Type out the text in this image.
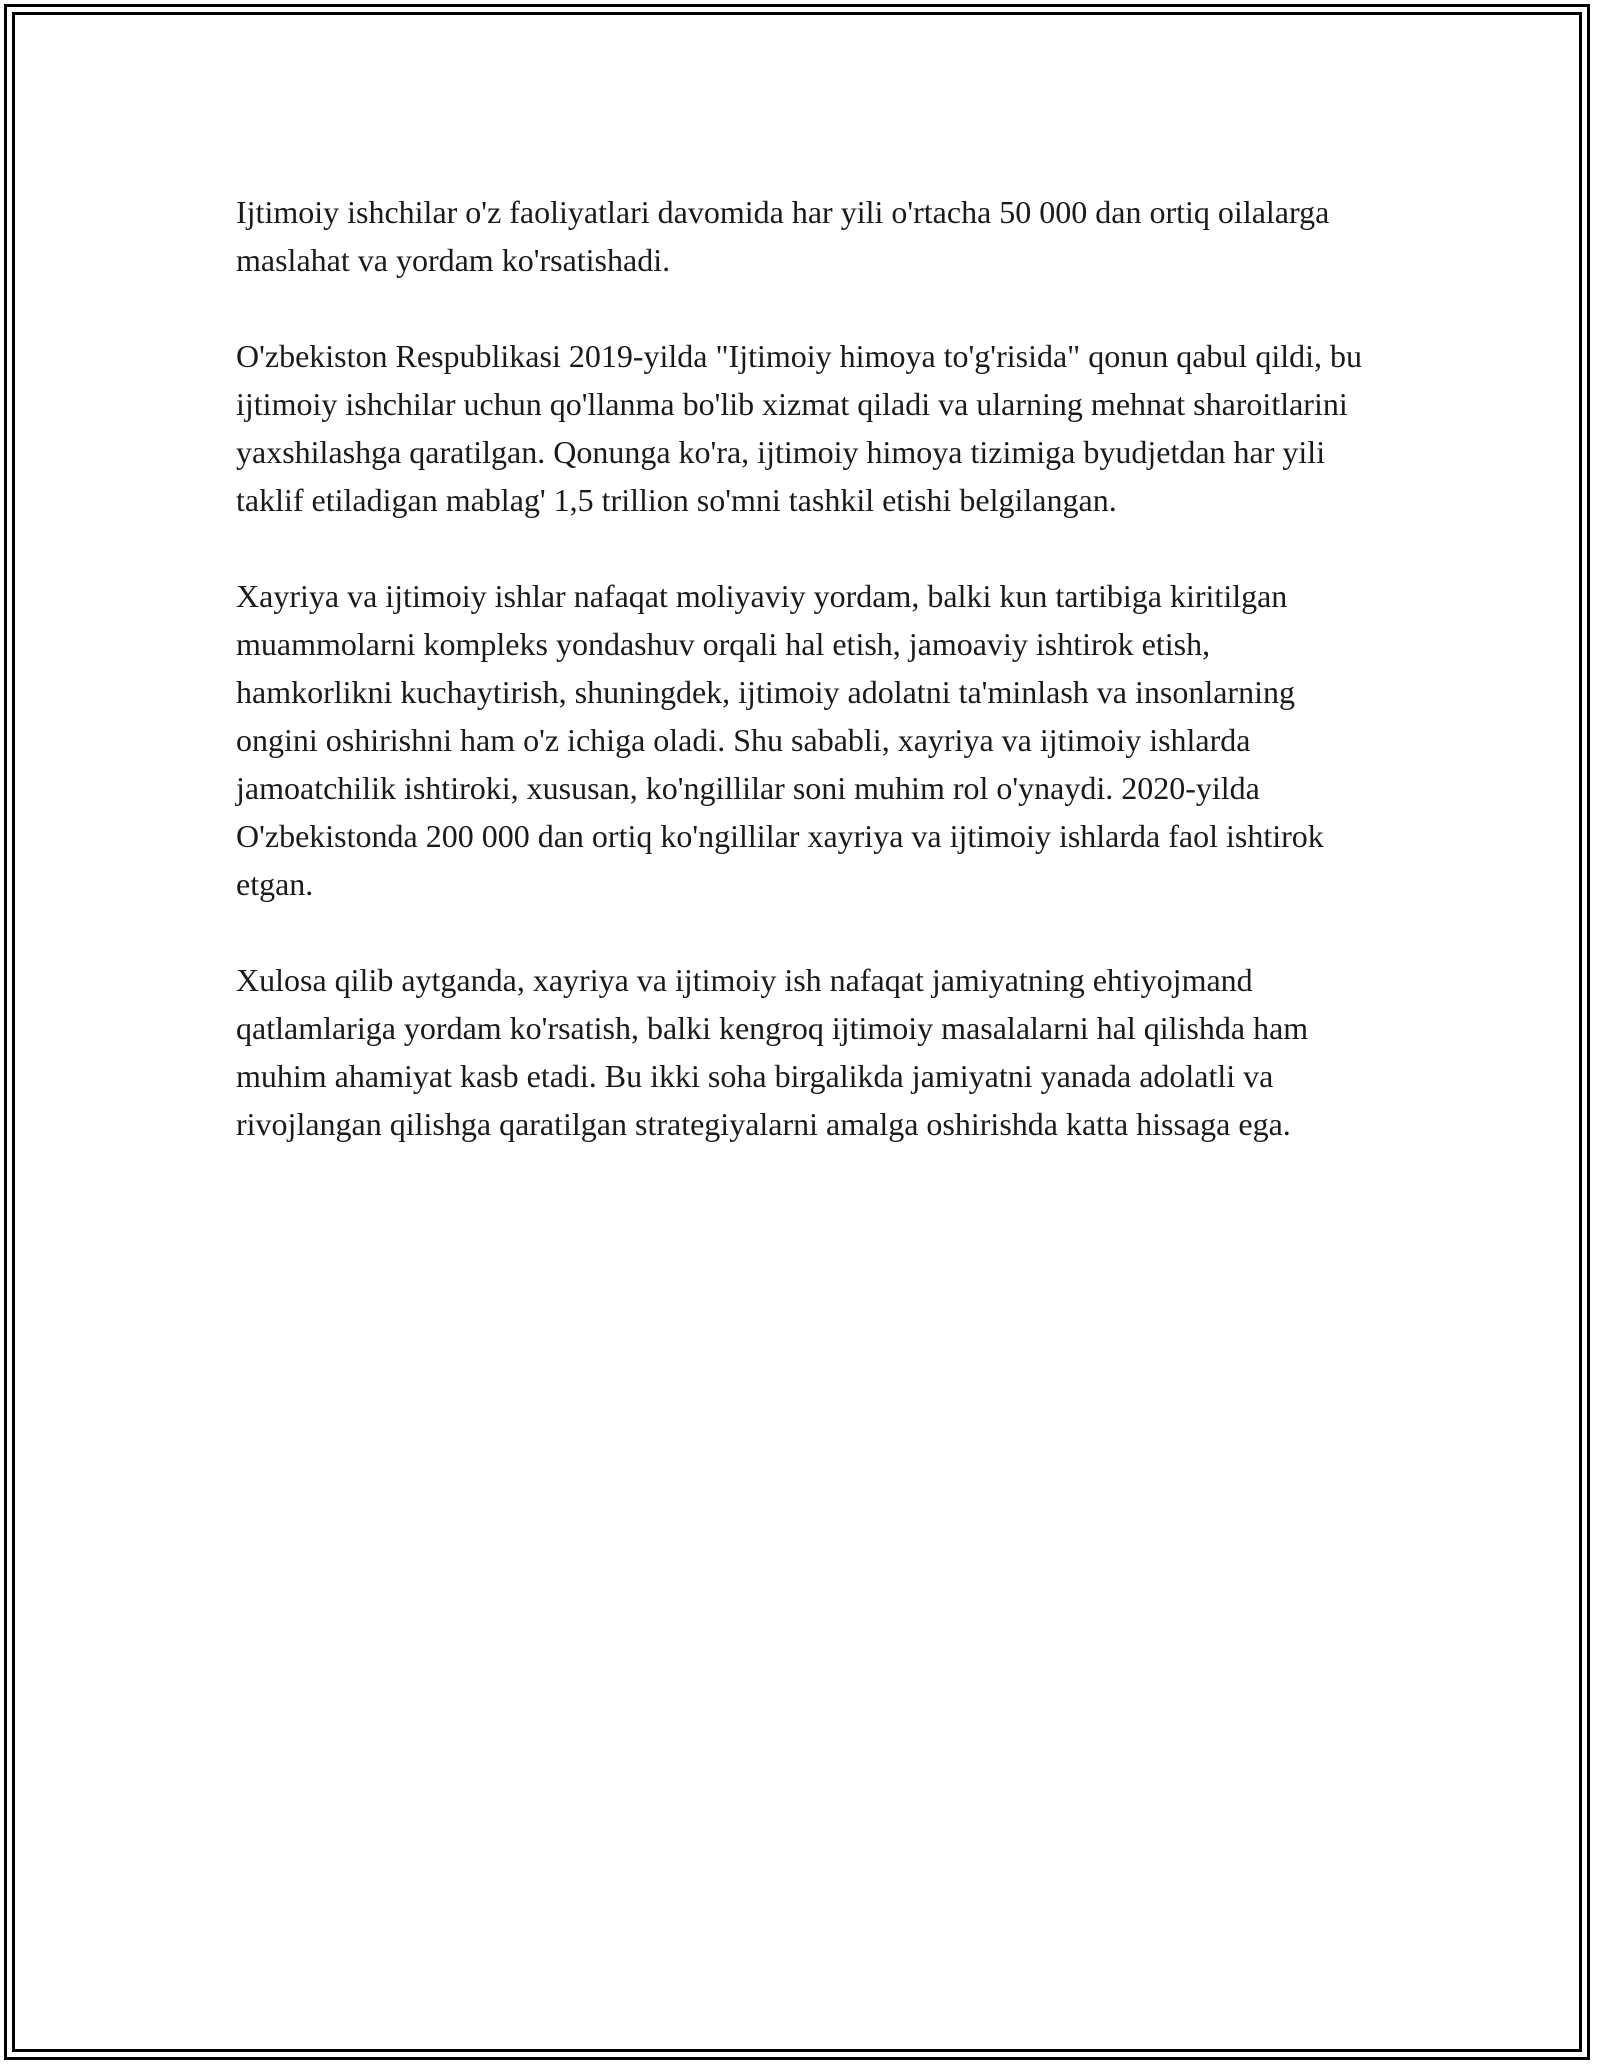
Ijtimoiy ishchilar o'z faoliyatlari davomida har yili o'rtacha 50 000 dan ortiq oilalarga maslahat va yordam ko'rsatishadi.

O'zbekiston Respublikasi 2019-yilda "Ijtimoiy himoya to'g'risida" qonun qabul qildi, bu ijtimoiy ishchilar uchun qo'llanma bo'lib xizmat qiladi va ularning mehnat sharoitlarini yaxshilashga qaratilgan. Qonunga ko'ra, ijtimoiy himoya tizimiga byudjetdan har yili taklif etiladigan mablag' 1,5 trillion so'mni tashkil etishi belgilangan.

Xayriya va ijtimoiy ishlar nafaqat moliyaviy yordam, balki kun tartibiga kiritilgan muammolarni kompleks yondashuv orqali hal etish, jamoaviy ishtirok etish, hamkorlikni kuchaytirish, shuningdek, ijtimoiy adolatni ta'minlash va insonlarning ongini oshirishni ham o'z ichiga oladi. Shu sababli, xayriya va ijtimoiy ishlarda jamoatchilik ishtiroki, xususan, ko'ngillilar soni muhim rol o'ynaydi. 2020-yilda O'zbekistonda 200 000 dan ortiq ko'ngillilar xayriya va ijtimoiy ishlarda faol ishtirok etgan.

Xulosa qilib aytganda, xayriya va ijtimoiy ish nafaqat jamiyatning ehtiyojmand qatlamlariga yordam ko'rsatish, balki kengroq ijtimoiy masalalarni hal qilishda ham muhim ahamiyat kasb etadi. Bu ikki soha birgalikda jamiyatni yanada adolatli va rivojlangan qilishga qaratilgan strategiyalarni amalga oshirishda katta hissaga ega.
